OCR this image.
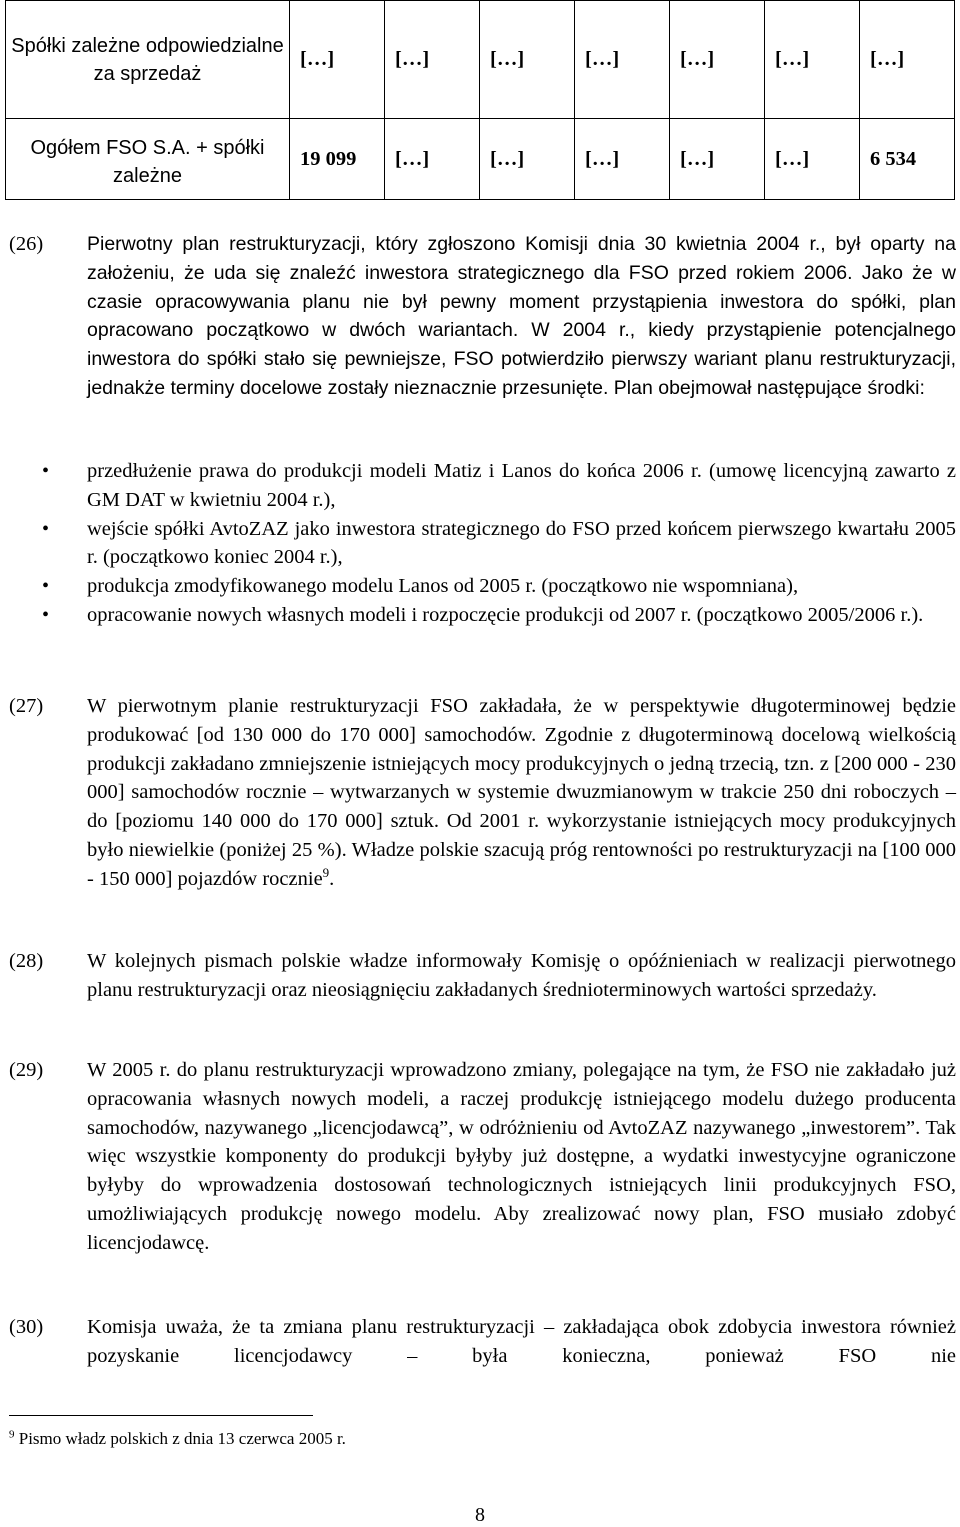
Spółki zależne odpowiedzialne za sprzedaż	[…]	[…]	[…]	[…]	[…]	[…]	[…]
Ogółem FSO S.A. + spółki zależne	19 099	[…]	[…]	[…]	[…]	[…]	6 534
(26) Pierwotny plan restrukturyzacji, który zgłoszono Komisji dnia 30 kwietnia 2004 r., był oparty na założeniu, że uda się znaleźć inwestora strategicznego dla FSO przed rokiem 2006. Jako że w czasie opracowywania planu nie był pewny moment przystąpienia inwestora do spółki, plan opracowano początkowo w dwóch wariantach. W 2004 r., kiedy przystąpienie potencjalnego inwestora do spółki stało się pewniejsze, FSO potwierdziło pierwszy wariant planu restrukturyzacji, jednakże terminy docelowe zostały nieznacznie przesunięte. Plan obejmował następujące środki:
• przedłużenie prawa do produkcji modeli Matiz i Lanos do końca 2006 r. (umowę licencyjną zawarto z GM DAT w kwietniu 2004 r.),
• wejście spółki AvtoZAZ jako inwestora strategicznego do FSO przed końcem pierwszego kwartału 2005 r. (początkowo koniec 2004 r.),
• produkcja zmodyfikowanego modelu Lanos od 2005 r. (początkowo nie wspomniana),
• opracowanie nowych własnych modeli i rozpoczęcie produkcji od 2007 r. (początkowo 2005/2006 r.).
(27) W pierwotnym planie restrukturyzacji FSO zakładała, że w perspektywie długoterminowej będzie produkować [od 130 000 do 170 000] samochodów. Zgodnie z długoterminową docelową wielkością produkcji zakładano zmniejszenie istniejących mocy produkcyjnych o jedną trzecią, tzn. z [200 000 - 230 000] samochodów rocznie – wytwarzanych w systemie dwuzmianowym w trakcie 250 dni roboczych – do [poziomu 140 000 do 170 000] sztuk. Od 2001 r. wykorzystanie istniejących mocy produkcyjnych było niewielkie (poniżej 25 %). Władze polskie szacują próg rentowności po restrukturyzacji na [100 000 - 150 000] pojazdów rocznie$^9$.
(28) W kolejnych pismach polskie władze informowały Komisję o opóźnieniach w realizacji pierwotnego planu restrukturyzacji oraz nieosiągnięciu zakładanych średnioterminowych wartości sprzedaży.
(29) W 2005 r. do planu restrukturyzacji wprowadzono zmiany, polegające na tym, że FSO nie zakładało już opracowania własnych nowych modeli, a raczej produkcję istniejącego modelu dużego producenta samochodów, nazywanego „licencjodawcą”, w odróżnieniu od AvtoZAZ nazywanego „inwestorem”. Tak więc wszystkie komponenty do produkcji byłyby już dostępne, a wydatki inwestycyjne ograniczone byłyby do wprowadzenia dostosowań technologicznych istniejących linii produkcyjnych FSO, umożliwiających produkcję nowego modelu. Aby zrealizować nowy plan, FSO musiało zdobyć licencjodawcę.
(30) Komisja uważa, że ta zmiana planu restrukturyzacji – zakładająca obok zdobycia inwestora również pozyskanie licencjodawcy – była konieczna, ponieważ FSO nie
$^9$ Pismo władz polskich z dnia 13 czerwca 2005 r.
8
